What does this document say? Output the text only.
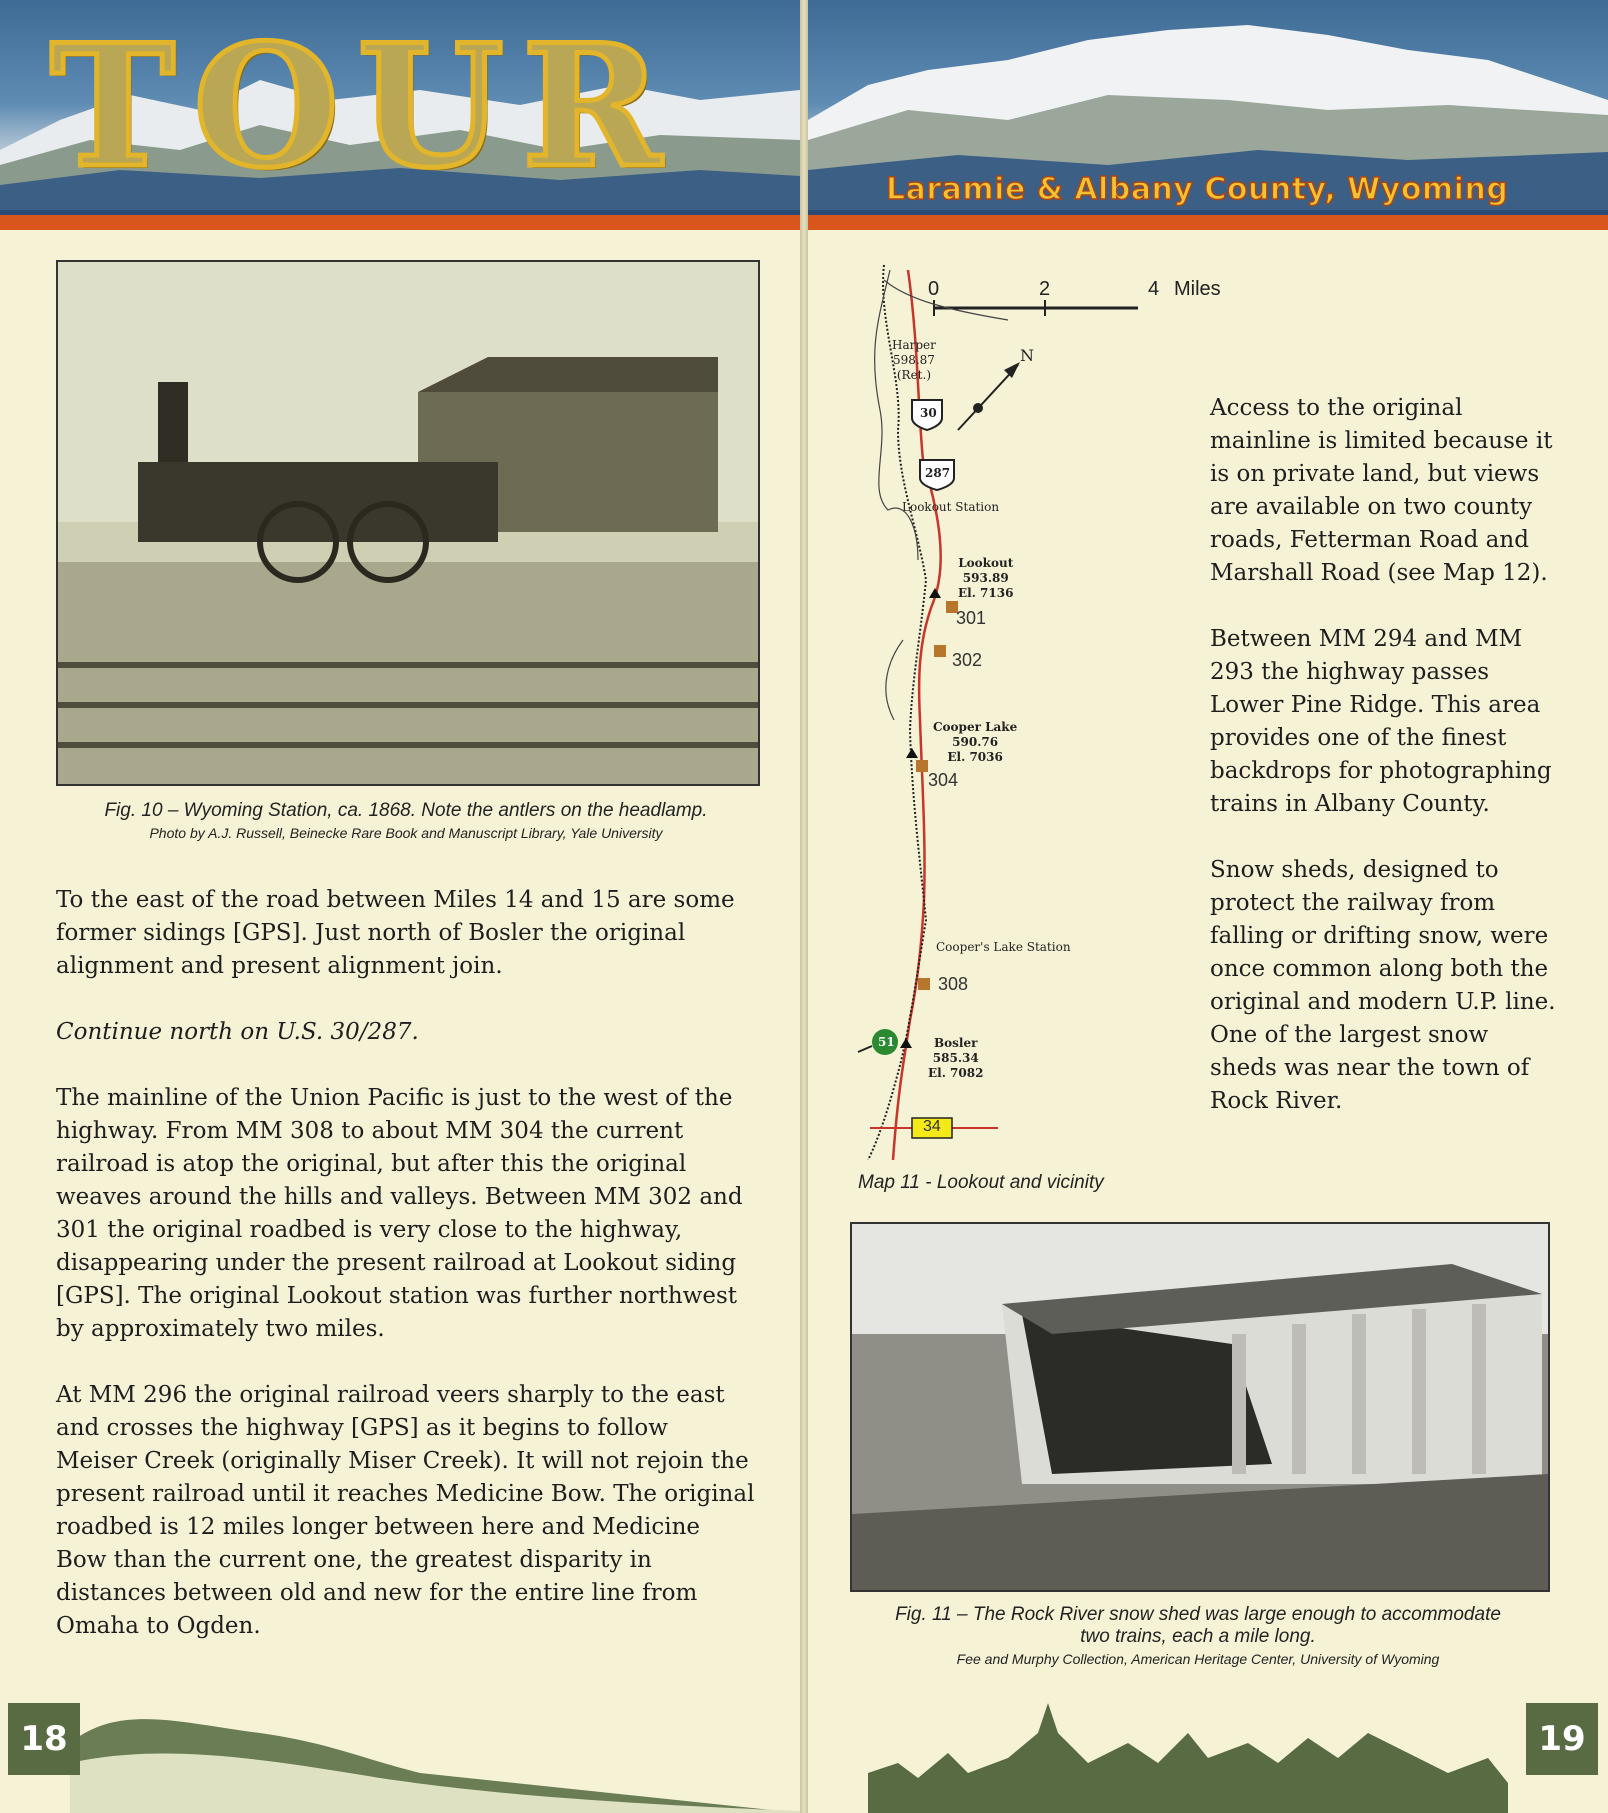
TOUR
Fig. 10 – Wyoming Station, ca. 1868. Note the antlers on the headlamp.
Photo by A.J. Russell, Beinecke Rare Book and Manuscript Library, Yale University

To the east of the road between Miles 14 and 15 are some former sidings [GPS]. Just north of Bosler the original alignment and present alignment join.

Continue north on U.S. 30/287.

The mainline of the Union Pacific is just to the west of the highway. From MM 308 to about MM 304 the current railroad is atop the original, but after this the original weaves around the hills and valleys. Between MM 302 and 301 the original roadbed is very close to the highway, disappearing under the present railroad at Lookout siding [GPS]. The original Lookout station was further northwest by approximately two miles.

At MM 296 the original railroad veers sharply to the east and crosses the highway [GPS] as it begins to follow Meiser Creek (originally Miser Creek). It will not rejoin the present railroad until it reaches Medicine Bow. The original roadbed is 12 miles longer between here and Medicine Bow than the current one, the greatest disparity in distances between old and new for the entire line from Omaha to Ogden.

18
Laramie & Albany County, Wyoming
0	2	4 Miles
N
Harper
598.87
(Ret.)
30
287
Lookout Station
Lookout
593.89
El. 7136
301
302
Cooper Lake
590.76
El. 7036
304
Cooper's Lake Station
308
51	Bosler
585.34
El. 7082
34
Map 11 - Lookout and vicinity

Access to the original mainline is limited because it is on private land, but views are available on two county roads, Fetterman Road and Marshall Road (see Map 12).

Between MM 294 and MM 293 the highway passes Lower Pine Ridge. This area provides one of the finest backdrops for photographing trains in Albany County.

Snow sheds, designed to protect the railway from falling or drifting snow, were once common along both the original and modern U.P. line. One of the largest snow sheds was near the town of Rock River.

Fig. 11 – The Rock River snow shed was large enough to accommodate
two trains, each a mile long.
Fee and Murphy Collection, American Heritage Center, University of Wyoming
19
